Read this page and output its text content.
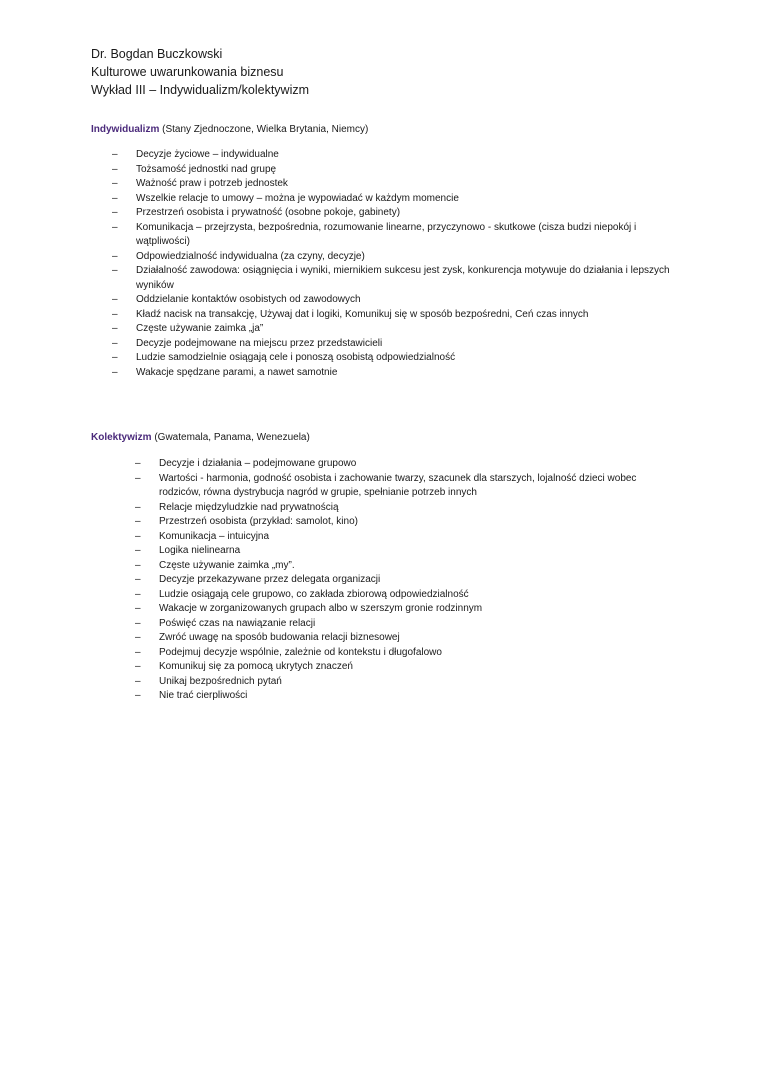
Dr. Bogdan Buczkowski
Kulturowe uwarunkowania biznesu
Wykład III – Indywidualizm/kolektywizm
Indywidualizm (Stany Zjednoczone, Wielka Brytania, Niemcy)
– Decyzje życiowe – indywidualne
– Tożsamość jednostki nad grupę
– Ważność praw i potrzeb jednostek
– Wszelkie relacje to umowy – można je wypowiadać w każdym momencie
– Przestrzeń osobista i prywatność (osobne pokoje, gabinety)
– Komunikacja – przejrzysta, bezpośrednia, rozumowanie linearne, przyczynowo - skutkowe (cisza budzi niepokój i wątpliwości)
– Odpowiedzialność indywidualna (za czyny, decyzje)
– Działalność zawodowa: osiągnięcia i wyniki, miernikiem sukcesu jest zysk, konkurencja motywuje do działania i lepszych wyników
– Oddzielanie kontaktów osobistych od zawodowych
– Kładź nacisk na transakcję, Używaj dat i logiki, Komunikuj się w sposób bezpośredni, Ceń czas innych
– Częste używanie zaimka „ja”
– Decyzje podejmowane na miejscu przez przedstawicieli
– Ludzie samodzielnie osiągają cele i ponoszą osobistą odpowiedzialność
– Wakacje spędzane parami, a nawet samotnie
Kolektywizm (Gwatemala, Panama, Wenezuela)
– Decyzje i działania – podejmowane grupowo
– Wartości - harmonia, godność osobista i zachowanie twarzy, szacunek dla starszych, lojalność dzieci wobec rodziców, równa dystrybucja nagród w grupie, spełnianie potrzeb innych
– Relacje międzyludzkie nad prywatnością
– Przestrzeń osobista (przykład: samolot, kino)
– Komunikacja – intuicyjna
– Logika nielinearna
– Częste używanie zaimka „my”.
– Decyzje przekazywane przez delegata organizacji
– Ludzie osiągają cele grupowo, co zakłada zbiorową odpowiedzialność
– Wakacje w zorganizowanych grupach albo w szerszym gronie rodzinnym
– Poświęć czas na nawiązanie relacji
– Zwróć uwagę na sposób budowania relacji biznesowej
– Podejmuj decyzje wspólnie, zależnie od kontekstu i długofalowo
– Komunikuj się za pomocą ukrytych znaczeń
– Unikaj bezpośrednich pytań
– Nie trać cierpliwości
